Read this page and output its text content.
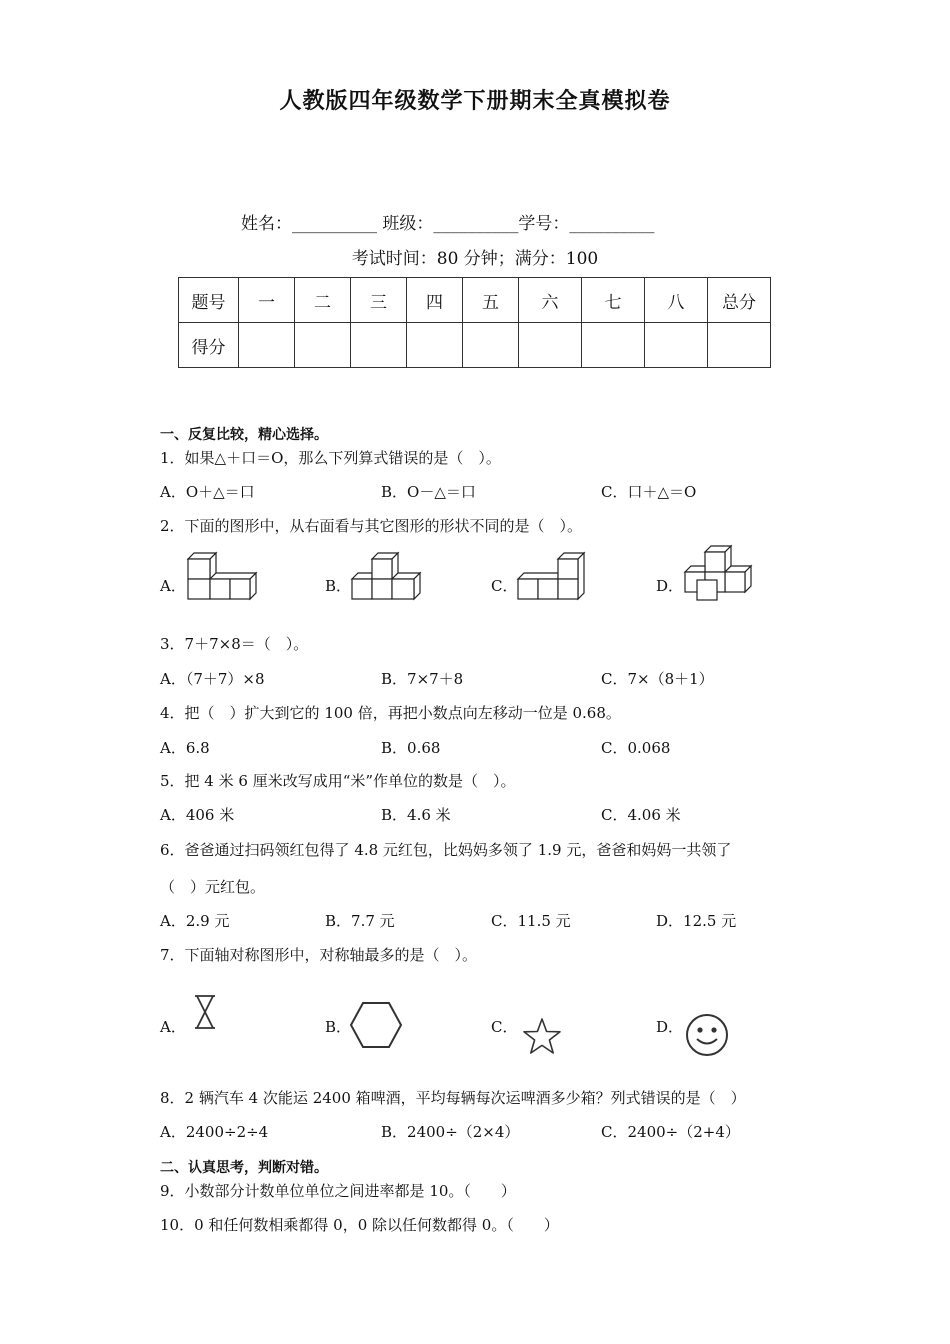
人教版四年级数学下册期末全真模拟卷
姓名：__________ 班级：__________学号：__________
考试时间：80 分钟；满分：100
题号	一	二	三	四	五	六	七	八	总分
得分									
一、反复比较，精心选择。
1．如果△＋口＝O，那么下列算式错误的是（　）。
A．O＋△＝口	B．O－△＝口	C．口＋△＝O
2．下面的图形中，从右面看与其它图形的形状不同的是（　）。
A．	B．	C．	D．
3．7＋7×8＝（　）。
A．（7＋7）×8	B．7×7＋8	C．7×（8＋1）
4．把（　）扩大到它的 100 倍，再把小数点向左移动一位是 0.68。
A．6.8	B．0.68	C．0.068
5．把 4 米 6 厘米改写成用“米”作单位的数是（　）。
A．406 米	B．4.6 米	C．4.06 米
6．爸爸通过扫码领红包得了 4.8 元红包，比妈妈多领了 1.9 元，爸爸和妈妈一共领了
（　）元红包。
A．2.9 元	B．7.7 元	C．11.5 元	D．12.5 元
7．下面轴对称图形中，对称轴最多的是（　）。
A．	B．	C．	D．
8．2 辆汽车 4 次能运 2400 箱啤酒，平均每辆每次运啤酒多少箱？列式错误的是（　）
A．2400÷2÷4	B．2400÷（2×4）	C．2400÷（2+4）
二、认真思考，判断对错。
9．小数部分计数单位单位之间进率都是 10。（　　）
10．0 和任何数相乘都得 0，0 除以任何数都得 0。（　　）
